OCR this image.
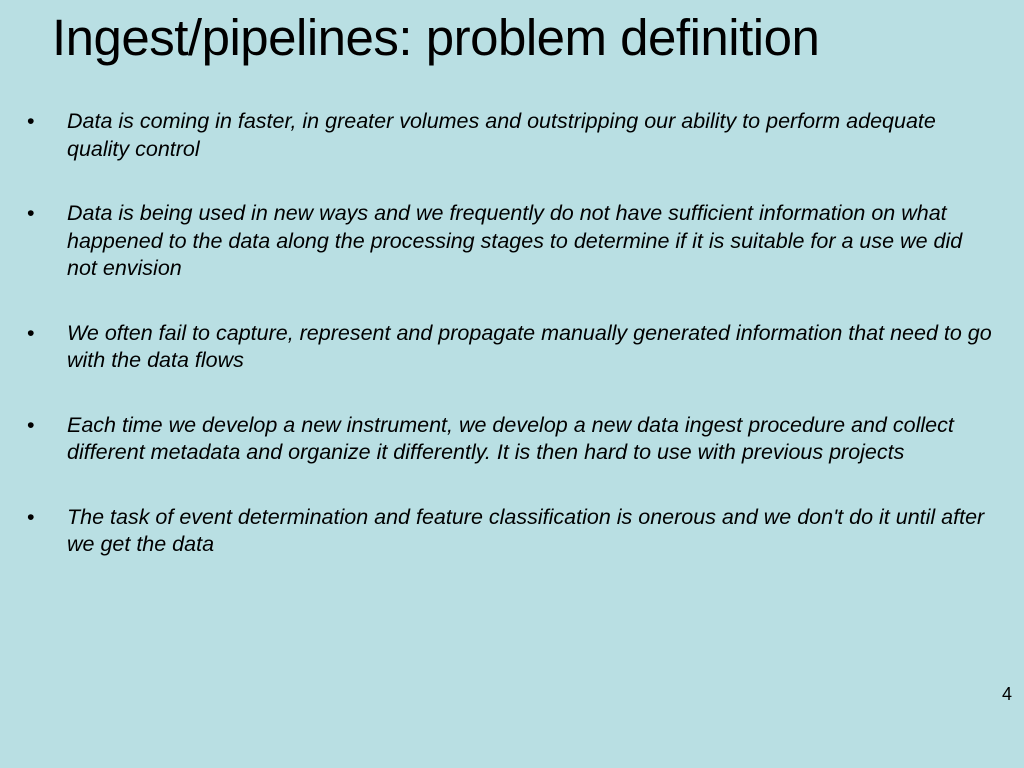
Ingest/pipelines: problem definition
•	Data is coming in faster, in greater volumes and outstripping our ability to perform adequate quality control
•	Data is being used in new ways and we frequently do not have sufficient information on what happened to the data along the processing stages to determine if it is suitable for a use we did not envision
•	We often fail to capture, represent and propagate manually generated information that need to go with the data flows
•	Each time we develop a new instrument, we develop a new data ingest procedure and collect different metadata and organize it differently. It is then hard to use with previous projects
•	The task of event determination and feature classification is onerous and we don't do it until after we get the data
4
